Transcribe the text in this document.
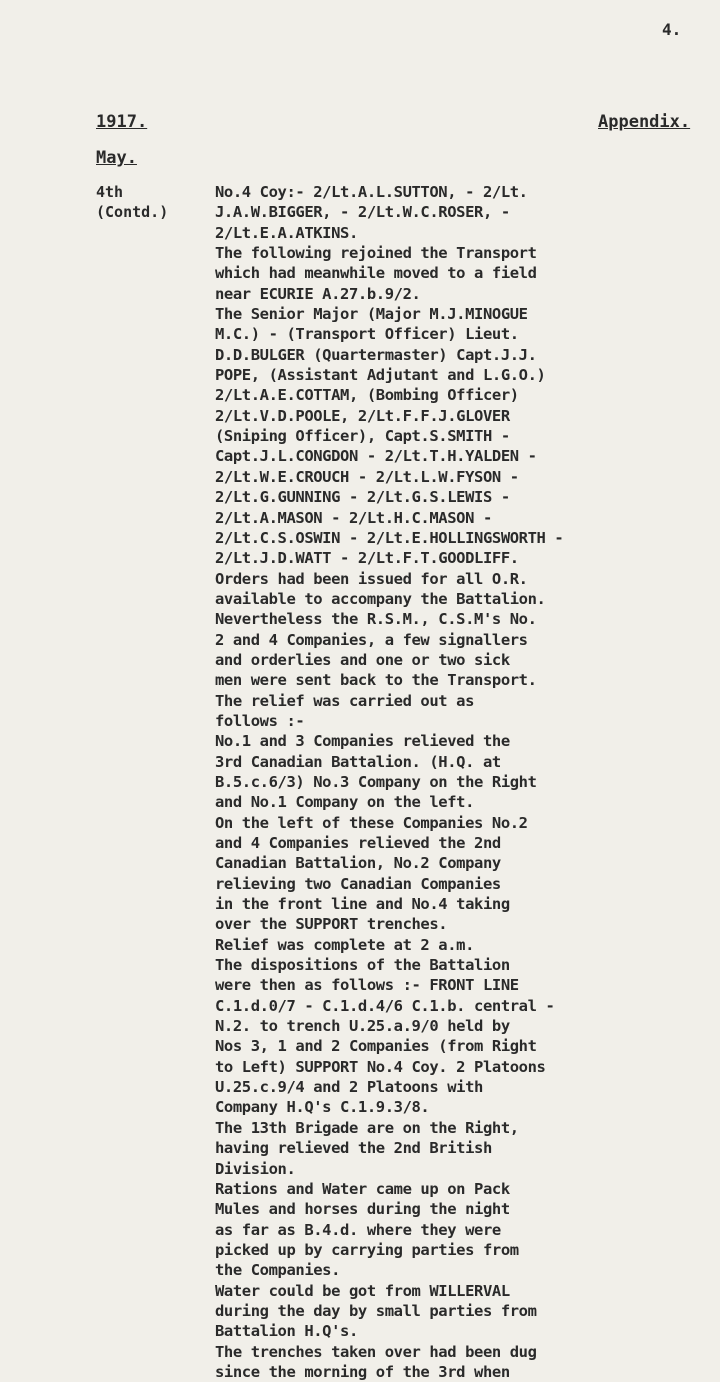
4.
1917.	Appendix.
May.
4th
(Contd.)
No.4 Coy:- 2/Lt.A.L.SUTTON, - 2/Lt.
J.A.W.BIGGER, - 2/Lt.W.C.ROSER, -
2/Lt.E.A.ATKINS.
The following rejoined the Transport
which had meanwhile moved to a field
near ECURIE A.27.b.9/2.
The Senior Major (Major M.J.MINOGUE
M.C.) - (Transport Officer) Lieut.
D.D.BULGER (Quartermaster) Capt.J.J.
POPE, (Assistant Adjutant and L.G.O.)
2/Lt.A.E.COTTAM, (Bombing Officer)
2/Lt.V.D.POOLE, 2/Lt.F.F.J.GLOVER
(Sniping Officer), Capt.S.SMITH -
Capt.J.L.CONGDON - 2/Lt.T.H.YALDEN -
2/Lt.W.E.CROUCH - 2/Lt.L.W.FYSON -
2/Lt.G.GUNNING - 2/Lt.G.S.LEWIS -
2/Lt.A.MASON - 2/Lt.H.C.MASON -
2/Lt.C.S.OSWIN - 2/Lt.E.HOLLINGSWORTH -
2/Lt.J.D.WATT - 2/Lt.F.T.GOODLIFF.
Orders had been issued for all O.R.
available to accompany the Battalion.
Nevertheless the R.S.M., C.S.M's No.
2 and 4 Companies, a few signallers
and orderlies and one or two sick
men were sent back to the Transport.
The relief was carried out as
follows :-
No.1 and 3 Companies relieved the
3rd Canadian Battalion. (H.Q. at
B.5.c.6/3) No.3 Company on the Right
and No.1 Company on the left.
On the left of these Companies No.2
and 4 Companies relieved the 2nd
Canadian Battalion, No.2 Company
relieving two Canadian Companies
in the front line and No.4 taking
over the SUPPORT trenches.
Relief was complete at 2 a.m.
The dispositions of the Battalion
were then as follows :- FRONT LINE
C.1.d.0/7 - C.1.d.4/6 C.1.b. central -
N.2. to trench U.25.a.9/0 held by
Nos 3, 1 and 2 Companies (from Right
to Left) SUPPORT No.4 Coy. 2 Platoons
U.25.c.9/4 and 2 Platoons with
Company H.Q's C.1.9.3/8.
The 13th Brigade are on the Right,
having relieved the 2nd British
Division.
Rations and Water came up on Pack
Mules and horses during the night
as far as B.4.d. where they were
picked up by carrying parties from
the Companies.
Water could be got from WILLERVAL
during the day by small parties from
Battalion H.Q's.
The trenches taken over had been dug
since the morning of the 3rd when
